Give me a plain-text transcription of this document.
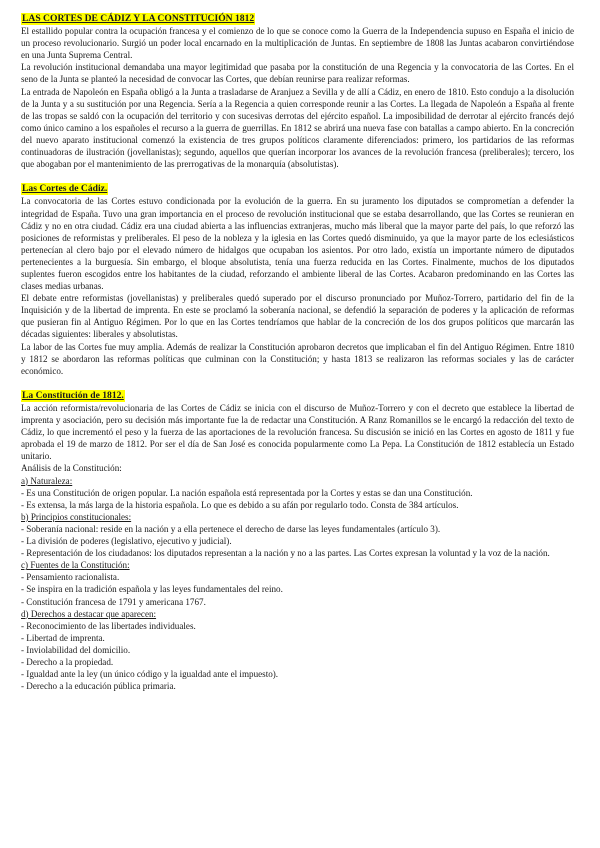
LAS CORTES DE CÁDIZ Y LA CONSTITUCIÓN 1812

El estallido popular contra la ocupación francesa y el comienzo de lo que se conoce como la Guerra de la Independencia supuso en España el inicio de un proceso revolucionario. Surgió un poder local encarnado en la multiplicación de Juntas. En septiembre de 1808 las Juntas acabaron convirtiéndose en una Junta Suprema Central.

La revolución institucional demandaba una mayor legitimidad que pasaba por la constitución de una Regencia y la convocatoria de las Cortes. En el seno de la Junta se planteó la necesidad de convocar las Cortes, que debían reunirse para realizar reformas.

La entrada de Napoleón en España obligó a la Junta a trasladarse de Aranjuez a Sevilla y de allí a Cádiz, en enero de 1810. Esto condujo a la disolución de la Junta y a su sustitución por una Regencia. Sería a la Regencia a quien corresponde reunir a las Cortes. La llegada de Napoleón a España al frente de las tropas se saldó con la ocupación del territorio y con sucesivas derrotas del ejército español. La imposibilidad de derrotar al ejército francés dejó como único camino a los españoles el recurso a la guerra de guerrillas. En 1812 se abrirá una nueva fase con batallas a campo abierto. En la concreción del nuevo aparato institucional comenzó la existencia de tres grupos políticos claramente diferenciados: primero, los partidarios de las reformas continuadoras de ilustración (jovellanistas); segundo, aquellos que querían incorporar los avances de la revolución francesa (preliberales); tercero, los que abogaban por el mantenimiento de las prerrogativas de la monarquía (absolutistas).

Las Cortes de Cádiz.

La convocatoria de las Cortes estuvo condicionada por la evolución de la guerra. En su juramento los diputados se comprometían a defender la integridad de España. Tuvo una gran importancia en el proceso de revolución institucional que se estaba desarrollando, que las Cortes se reunieran en Cádiz y no en otra ciudad. Cádiz era una ciudad abierta a las influencias extranjeras, mucho más liberal que la mayor parte del país, lo que reforzó las posiciones de reformistas y preliberales. El peso de la nobleza y la iglesia en las Cortes quedó disminuido, ya que la mayor parte de los eclesiásticos pertenecían al clero bajo por el elevado número de hidalgos que ocupaban los asientos. Por otro lado, existía un importante número de diputados pertenecientes a la burguesía. Sin embargo, el bloque absolutista, tenía una fuerza reducida en las Cortes. Finalmente, muchos de los diputados suplentes fueron escogidos entre los habitantes de la ciudad, reforzando el ambiente liberal de las Cortes. Acabaron predominando en las Cortes las clases medias urbanas.

El debate entre reformistas (jovellanistas) y preliberales quedó superado por el discurso pronunciado por Muñoz-Torrero, partidario del fin de la Inquisición y de la libertad de imprenta. En este se proclamó la soberanía nacional, se defendió la separación de poderes y la aplicación de reformas que pusieran fin al Antiguo Régimen. Por lo que en las Cortes tendríamos que hablar de la concreción de los dos grupos políticos que marcarán las décadas siguientes: liberales y absolutistas.

La labor de las Cortes fue muy amplia. Además de realizar la Constitución aprobaron decretos que implicaban el fin del Antiguo Régimen. Entre 1810 y 1812 se abordaron las reformas políticas que culminan con la Constitución; y hasta 1813 se realizaron las reformas sociales y las de carácter económico.

La Constitución de 1812.

La acción reformista/revolucionaria de las Cortes de Cádiz se inicia con el discurso de Muñoz-Torrero y con el decreto que establece la libertad de imprenta y asociación, pero su decisión más importante fue la de redactar una Constitución. A Ranz Romanillos se le encargó la redacción del texto de Cádiz, lo que incrementó el peso y la fuerza de las aportaciones de la revolución francesa. Su discusión se inició en las Cortes en agosto de 1811 y fue aprobada el 19 de marzo de 1812. Por ser el día de San José es conocida popularmente como La Pepa. La Constitución de 1812 establecía un Estado unitario.

Análisis de la Constitución:

a) Naturaleza:

- Es una Constitución de origen popular. La nación española está representada por la Cortes y estas se dan una Constitución.

- Es extensa, la más larga de la historia española. Lo que es debido a su afán por regularlo todo. Consta de 384 artículos.

b) Principios constitucionales:

- Soberanía nacional: reside en la nación y a ella pertenece el derecho de darse las leyes fundamentales (artículo 3).

- La división de poderes (legislativo, ejecutivo y judicial).

- Representación de los ciudadanos: los diputados representan a la nación y no a las partes. Las Cortes expresan la voluntad y la voz de la nación.

c) Fuentes de la Constitución:

- Pensamiento racionalista.

- Se inspira en la tradición española y las leyes fundamentales del reino.

- Constitución francesa de 1791 y americana 1767.

d) Derechos a destacar que aparecen:

- Reconocimiento de las libertades individuales.

- Libertad de imprenta.

- Inviolabilidad del domicilio.

- Derecho a la propiedad.

- Igualdad ante la ley (un único código y la igualdad ante el impuesto).

- Derecho a la educación pública primaria.
